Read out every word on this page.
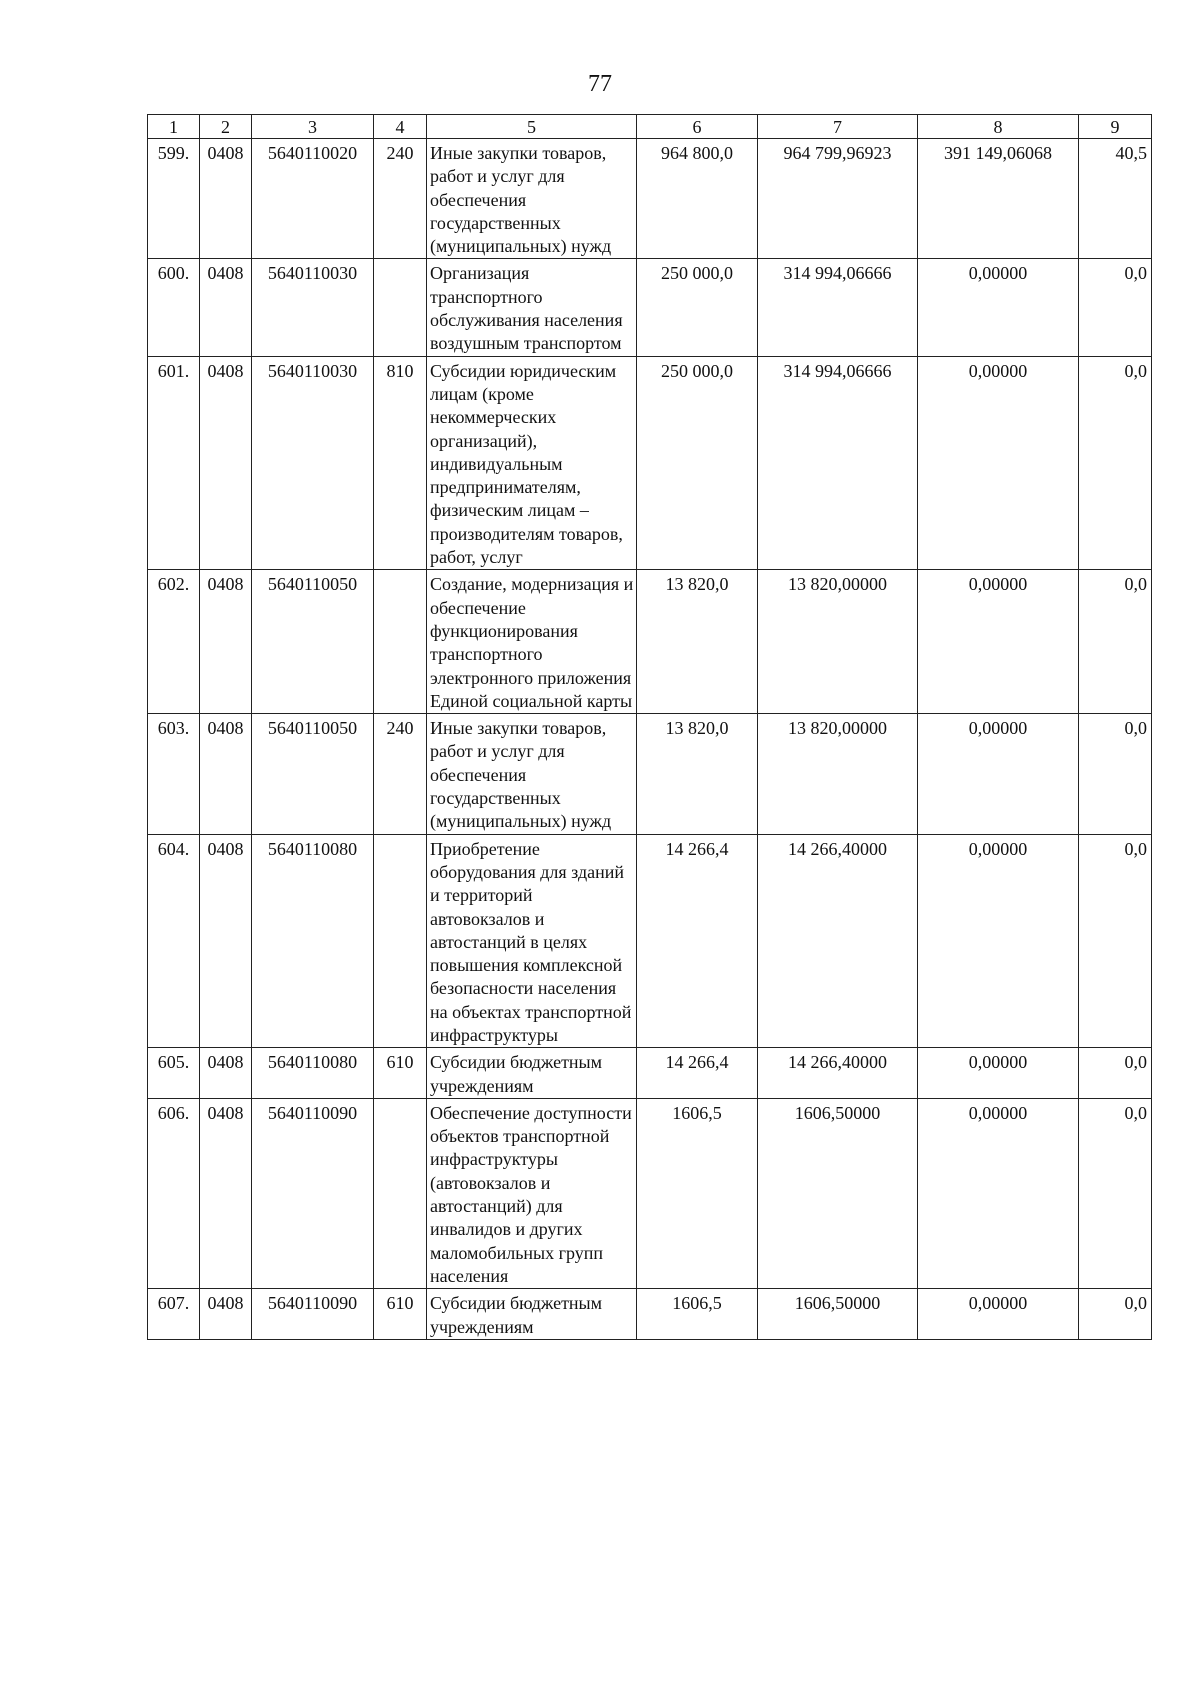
77
1	2	3	4	5	6	7	8	9
599.	0408	5640110020	240	Иные закупки товаров, работ и услуг для обеспечения государственных (муниципальных) нужд	964 800,0	964 799,96923	391 149,06068	40,5
600.	0408	5640110030		Организация транспортного обслуживания населения воздушным транспортом	250 000,0	314 994,06666	0,00000	0,0
601.	0408	5640110030	810	Субсидии юридическим лицам (кроме некоммерческих организаций), индивидуальным предпринимателям, физическим лицам – производителям товаров, работ, услуг	250 000,0	314 994,06666	0,00000	0,0
602.	0408	5640110050		Создание, модернизация и обеспечение функционирования транспортного электронного приложения Единой социальной карты	13 820,0	13 820,00000	0,00000	0,0
603.	0408	5640110050	240	Иные закупки товаров, работ и услуг для обеспечения государственных (муниципальных) нужд	13 820,0	13 820,00000	0,00000	0,0
604.	0408	5640110080		Приобретение оборудования для зданий и территорий автовокзалов и автостанций в целях повышения комплексной безопасности населения на объектах транспортной инфраструктуры	14 266,4	14 266,40000	0,00000	0,0
605.	0408	5640110080	610	Субсидии бюджетным учреждениям	14 266,4	14 266,40000	0,00000	0,0
606.	0408	5640110090		Обеспечение доступности объектов транспортной инфраструктуры (автовокзалов и автостанций) для инвалидов и других маломобильных групп населения	1606,5	1606,50000	0,00000	0,0
607.	0408	5640110090	610	Субсидии бюджетным учреждениям	1606,5	1606,50000	0,00000	0,0
